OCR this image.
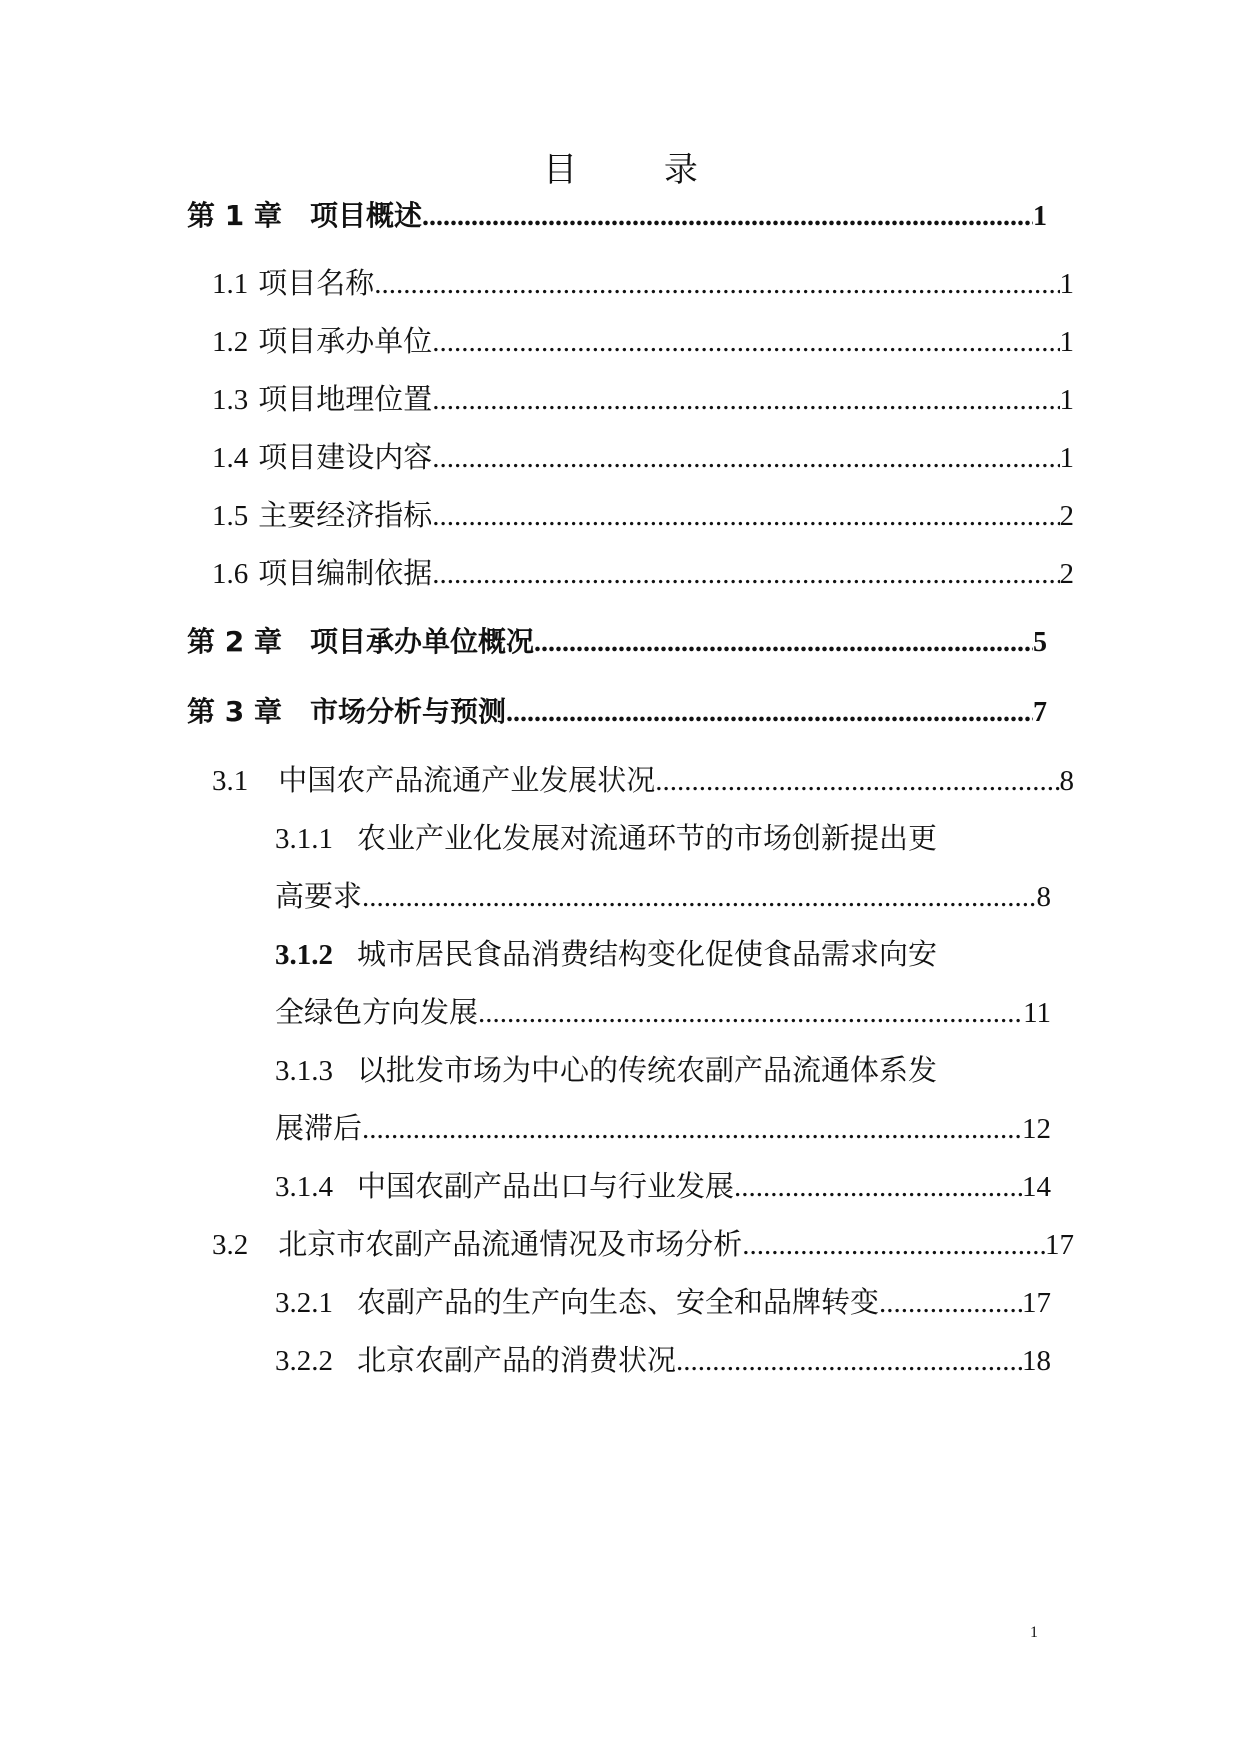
目 录
第 1 章 项目概述 .....	1
1.1 项目名称 .....	1
1.2 项目承办单位 .....	1
1.3 项目地理位置 .....	1
1.4 项目建设内容 .....	1
1.5 主要经济指标 .....	2
1.6 项目编制依据 .....	2
第 2 章 项目承办单位概况 .....	5
第 3 章 市场分析与预测 .....	7
3.1 中国农产品流通产业发展状况 .....	8
3.1.1 农业产业化发展对流通环节的市场创新提出更
高要求 .....	8
3.1.2 城市居民食品消费结构变化促使食品需求向安
全绿色方向发展 .....	11
3.1.3 以批发市场为中心的传统农副产品流通体系发
展滞后 .....	12
3.1.4 中国农副产品出口与行业发展 .....	14
3.2 北京市农副产品流通情况及市场分析 .....	17
3.2.1 农副产品的生产向生态、安全和品牌转变 .....	17
3.2.2 北京农副产品的消费状况 .....	18
1
